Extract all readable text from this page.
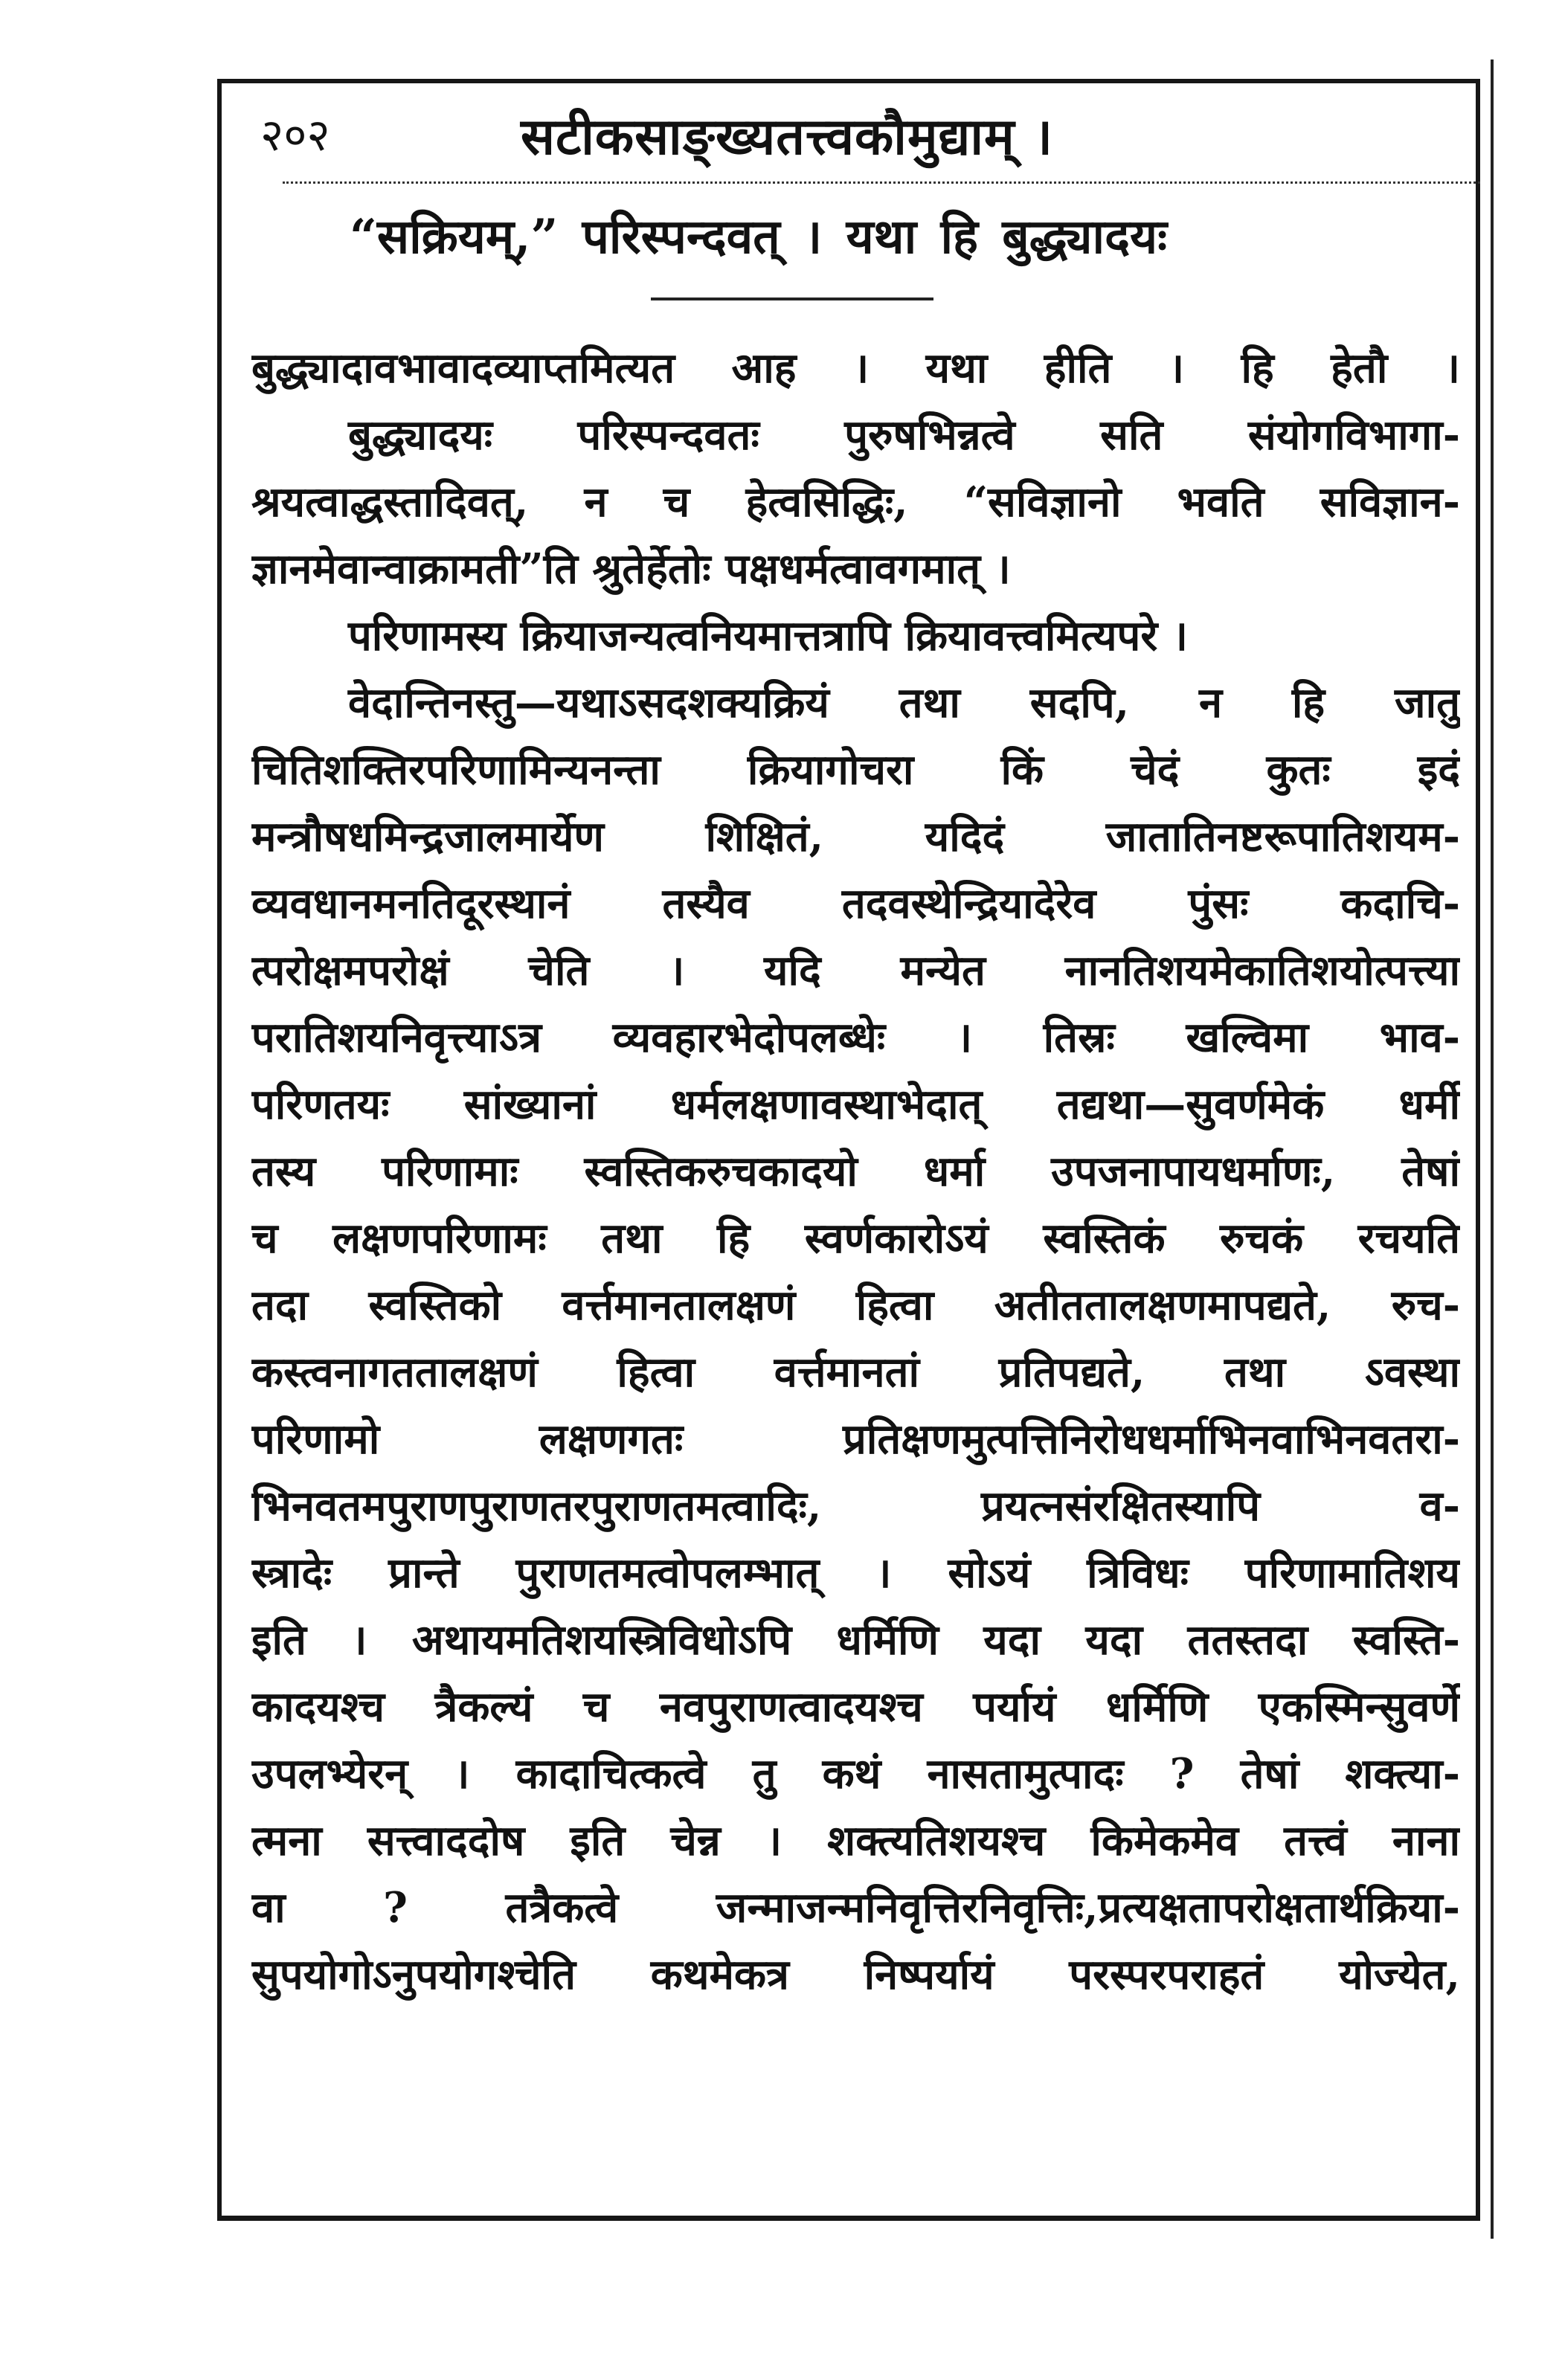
२०२	सटीकसाङ्ख्यतत्त्वकौमुद्याम् ।
“सक्रियम्,” परिस्पन्दवत् । यथा हि बुद्ध्यादयः
बुद्ध्यादावभावादव्याप्तमित्यत आह । यथा हीति । हि हेतौ ।
बुद्ध्यादयः परिस्पन्दवतः पुरुषभिन्नत्वे सति संयोगविभागा-
श्रयत्वाद्धस्तादिवत्, न च हेत्वसिद्धिः, “सविज्ञानो भवति सविज्ञान-
ज्ञानमेवान्वाक्रामती”ति श्रुतेर्हेतोः पक्षधर्मत्वावगमात् ।
परिणामस्य क्रियाजन्यत्वनियमात्तत्रापि क्रियावत्त्वमित्यपरे ।
वेदान्तिनस्तु—यथाऽसदशक्यक्रियं तथा सदपि, न हि जातु
चितिशक्तिरपरिणामिन्यनन्ता क्रियागोचरा किं चेदं कुतः इदं
मन्त्रौषधमिन्द्रजालमार्येण शिक्षितं, यदिदं जातातिनष्टरूपातिशयम-
व्यवधानमनतिदूरस्थानं तस्यैव तदवस्थेन्द्रियादेरेव पुंसः कदाचि-
त्परोक्षमपरोक्षं चेति । यदि मन्येत नानतिशयमेकातिशयोत्पत्त्या
परातिशयनिवृत्त्याऽत्र व्यवहारभेदोपलब्धेः । तिस्रः खल्विमा भाव-
परिणतयः सांख्यानां धर्मलक्षणावस्थाभेदात् तद्यथा—सुवर्णमेकं धर्मी
तस्य परिणामाः स्वस्तिकरुचकादयो धर्मा उपजनापायधर्माणः, तेषां
च लक्षणपरिणामः तथा हि स्वर्णकारोऽयं स्वस्तिकं रुचकं रचयति
तदा स्वस्तिको वर्त्तमानतालक्षणं हित्वा अतीततालक्षणमापद्यते, रुच-
कस्त्वनागततालक्षणं हित्वा वर्त्तमानतां प्रतिपद्यते, तथा ऽवस्था
परिणामो लक्षणगतः प्रतिक्षणमुत्पत्तिनिरोधधर्माभिनवाभिनवतरा-
भिनवतमपुराणपुराणतरपुराणतमत्वादिः, प्रयत्नसंरक्षितस्यापि व-
स्त्रादेः प्रान्ते पुराणतमत्वोपलम्भात् । सोऽयं त्रिविधः परिणामातिशय
इति । अथायमतिशयस्त्रिविधोऽपि धर्मिणि यदा यदा ततस्तदा स्वस्ति-
कादयश्च त्रैकल्यं च नवपुराणत्वादयश्च पर्यायं धर्मिणि एकस्मिन्सुवर्णे
उपलभ्येरन् । कादाचित्कत्वे तु कथं नासतामुत्पादः ? तेषां शक्त्या-
त्मना सत्त्वाददोष इति चेन्न । शक्त्यतिशयश्च किमेकमेव तत्त्वं नाना
वा ? तत्रैकत्वे जन्माजन्मनिवृत्तिरनिवृत्तिः,प्रत्यक्षतापरोक्षतार्थक्रिया-
सुपयोगोऽनुपयोगश्चेति कथमेकत्र निष्पर्यायं परस्परपराहतं योज्येत,
